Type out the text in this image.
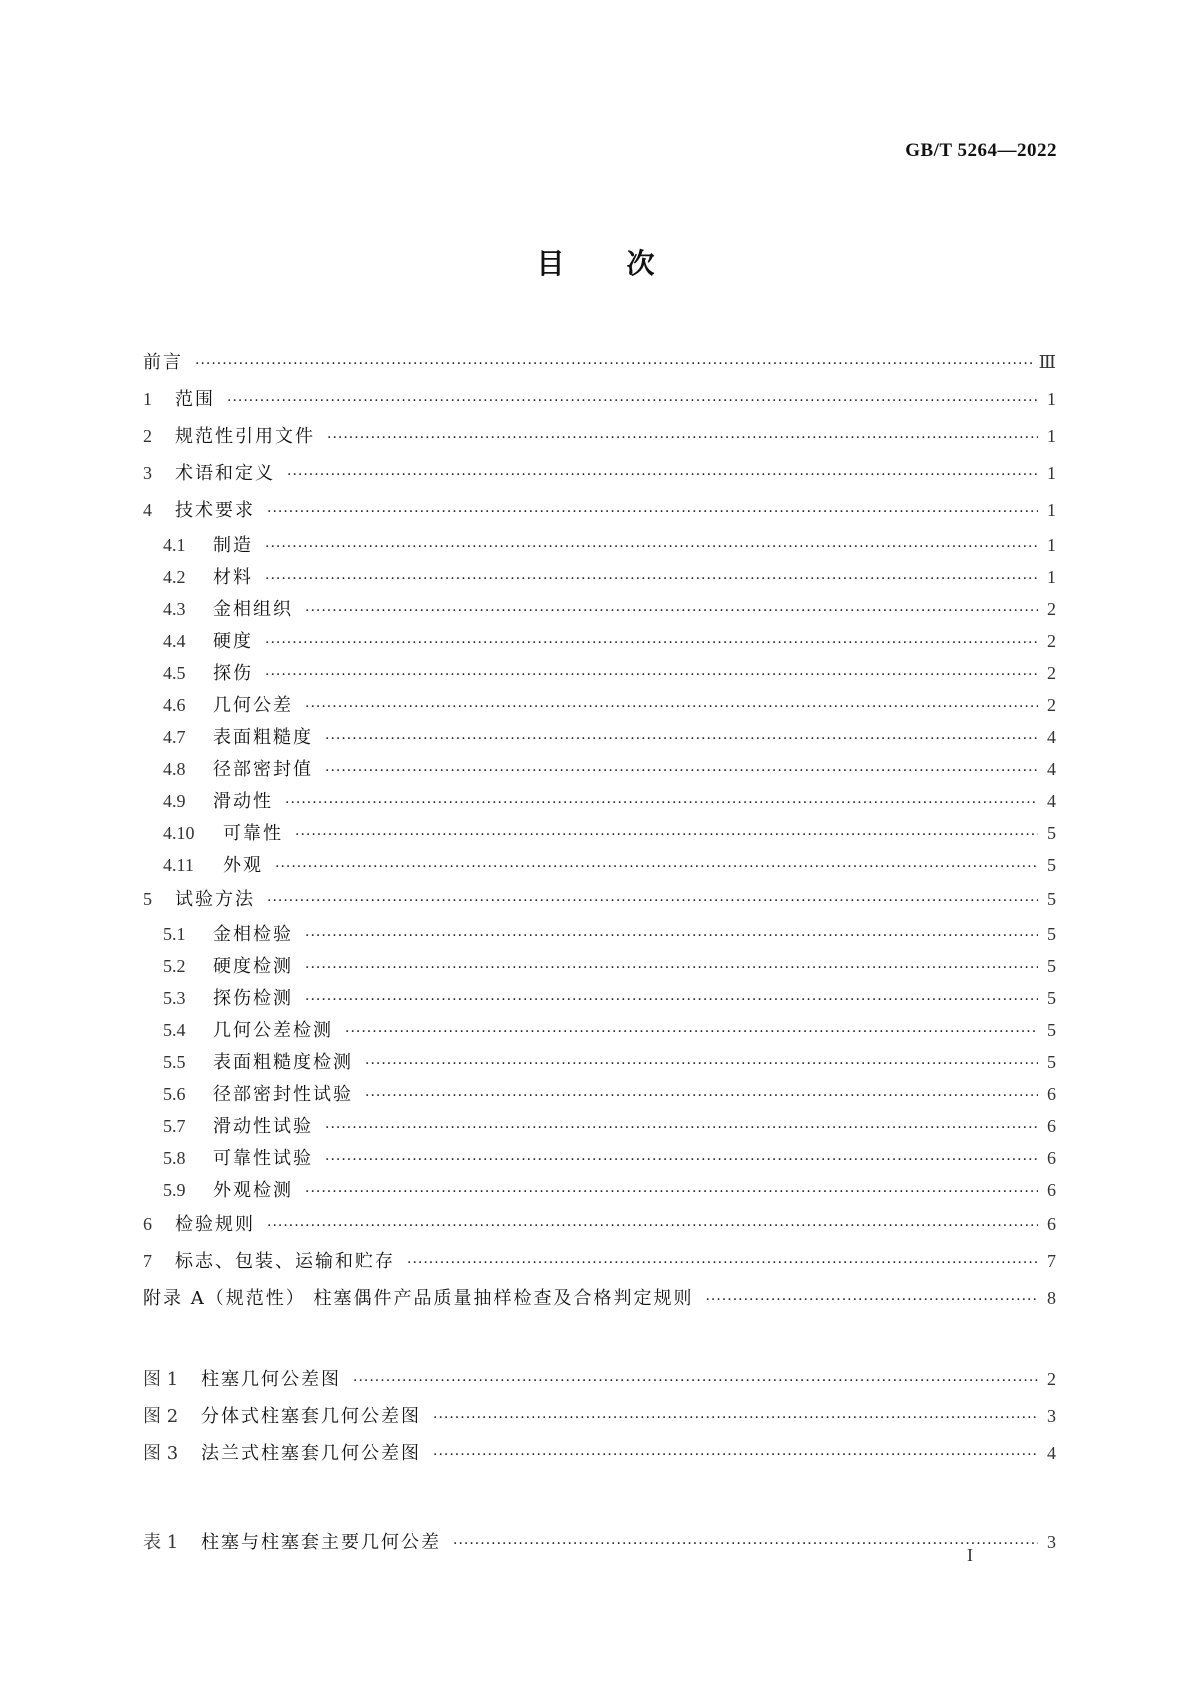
GB/T 5264—2022
目次
前言 ·····	Ⅲ
1	范围 ·····	1
2	规范性引用文件 ·····	1
3	术语和定义 ·····	1
4	技术要求 ·····	1
4.1	制造 ·····	1
4.2	材料 ·····	1
4.3	金相组织 ·····	2
4.4	硬度 ·····	2
4.5	探伤 ·····	2
4.6	几何公差 ·····	2
4.7	表面粗糙度 ·····	4
4.8	径部密封值 ·····	4
4.9	滑动性 ·····	4
4.10	可靠性 ·····	5
4.11	外观 ·····	5
5	试验方法 ·····	5
5.1	金相检验 ·····	5
5.2	硬度检测 ·····	5
5.3	探伤检测 ·····	5
5.4	几何公差检测 ·····	5
5.5	表面粗糙度检测 ·····	5
5.6	径部密封性试验 ·····	6
5.7	滑动性试验 ·····	6
5.8	可靠性试验 ·····	6
5.9	外观检测 ·····	6
6	检验规则 ·····	6
7	标志、包装、运输和贮存 ·····	7
附录 A（规范性） 柱塞偶件产品质量抽样检查及合格判定规则 ·····	8
图 1	柱塞几何公差图 ·····	2
图 2	分体式柱塞套几何公差图 ·····	3
图 3	法兰式柱塞套几何公差图 ·····	4
表 1	柱塞与柱塞套主要几何公差 ·····	3
I
